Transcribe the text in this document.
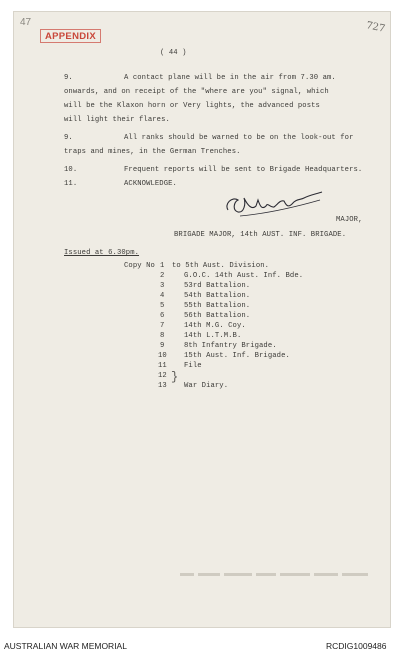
47
APPENDIX
727
( 44 )
9.	A contact plane will be in the air from 7.30 am.
onwards, and on receipt of the "where are you" signal, which
will be the Klaxon horn or Very lights, the advanced posts
will light their flares.
9.	All ranks should be warned to be on the look-out for
traps and mines, in the German Trenches.
10.	Frequent reports will be sent to Brigade Headquarters.
11.	ACKNOWLEDGE.
MAJOR,
BRIGADE MAJOR, 14th AUST. INF. BRIGADE.
Issued at 6.30pm.
Copy No 1 to 5th Aust. Division.
2	G.O.C. 14th Aust. Inf. Bde.
3	53rd Battalion.
4	54th Battalion.
5	55th Battalion.
6	56th Battalion.
7	14th M.G. Coy.
8	14th L.T.M.B.
9	8th Infantry Brigade.
10 15th Aust. Inf. Brigade.
11 File
12 }
13 War Diary.
AUSTRALIAN WAR MEMORIAL	RCDIG1009486
